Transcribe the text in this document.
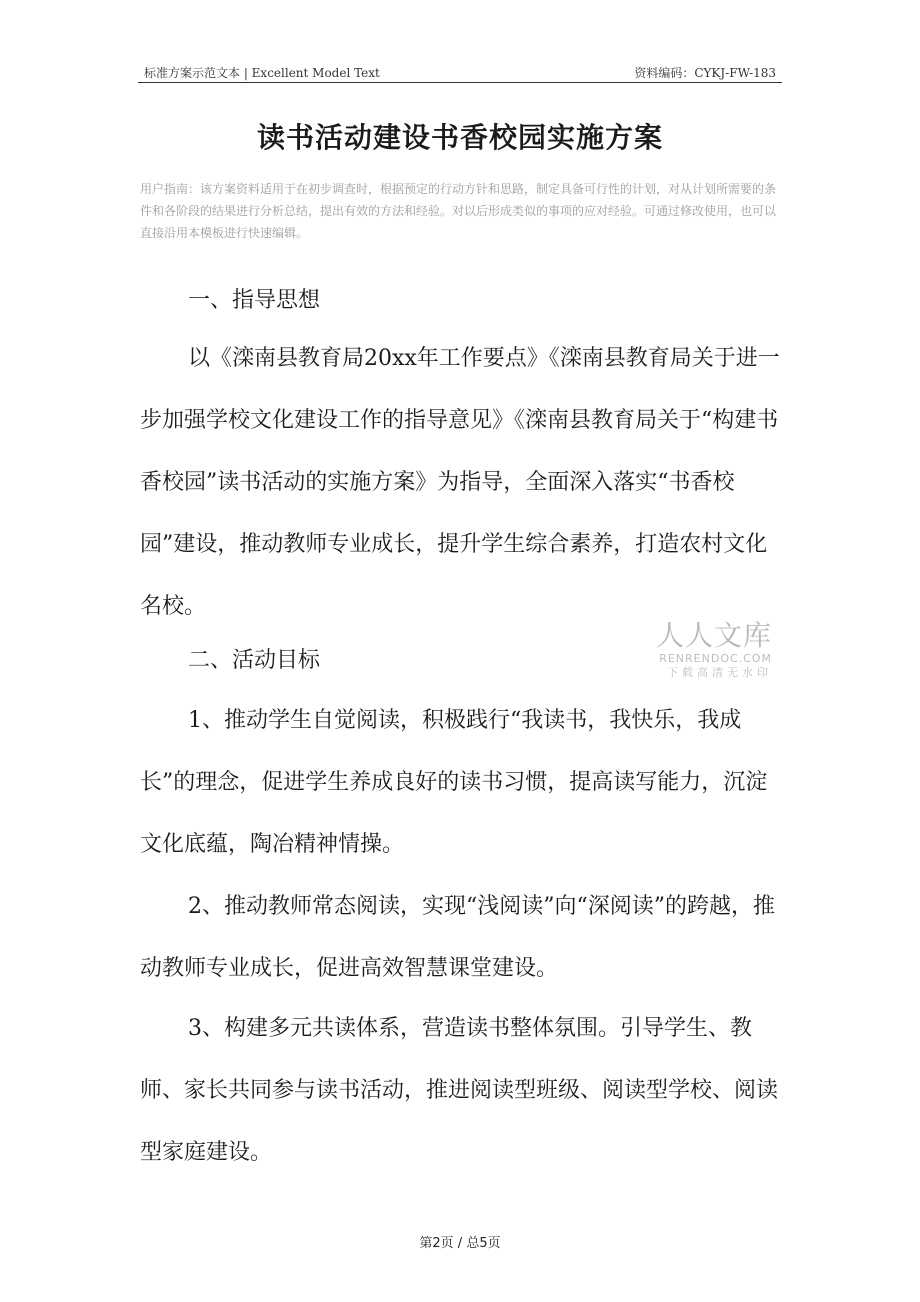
标准方案示范文本 | Excellent Model Text	资料编码：CYKJ-FW-183
读书活动建设书香校园实施方案
用户指南：该方案资料适用于在初步调查时，根据预定的行动方针和思路，制定具备可行性的计划，对从计划所需要的条件和各阶段的结果进行分析总结，提出有效的方法和经验。对以后形成类似的事项的应对经验。可通过修改使用，也可以直接沿用本模板进行快速编辑。

一、指导思想

以《滦南县教育局20xx年工作要点》《滦南县教育局关于进一步加强学校文化建设工作的指导意见》《滦南县教育局关于“构建书香校园”读书活动的实施方案》为指导，全面深入落实“书香校园”建设，推动教师专业成长，提升学生综合素养，打造农村文化名校。

二、活动目标

1、推动学生自觉阅读，积极践行“我读书，我快乐，我成长”的理念，促进学生养成良好的读书习惯，提高读写能力，沉淀文化底蕴，陶冶精神情操。

2、推动教师常态阅读，实现“浅阅读”向“深阅读”的跨越，推动教师专业成长，促进高效智慧课堂建设。

3、构建多元共读体系，营造读书整体氛围。引导学生、教师、家长共同参与读书活动，推进阅读型班级、阅读型学校、阅读型家庭建设。

人人文库
RENRENDOC.COM
下载高清无水印
第2页 / 总5页
